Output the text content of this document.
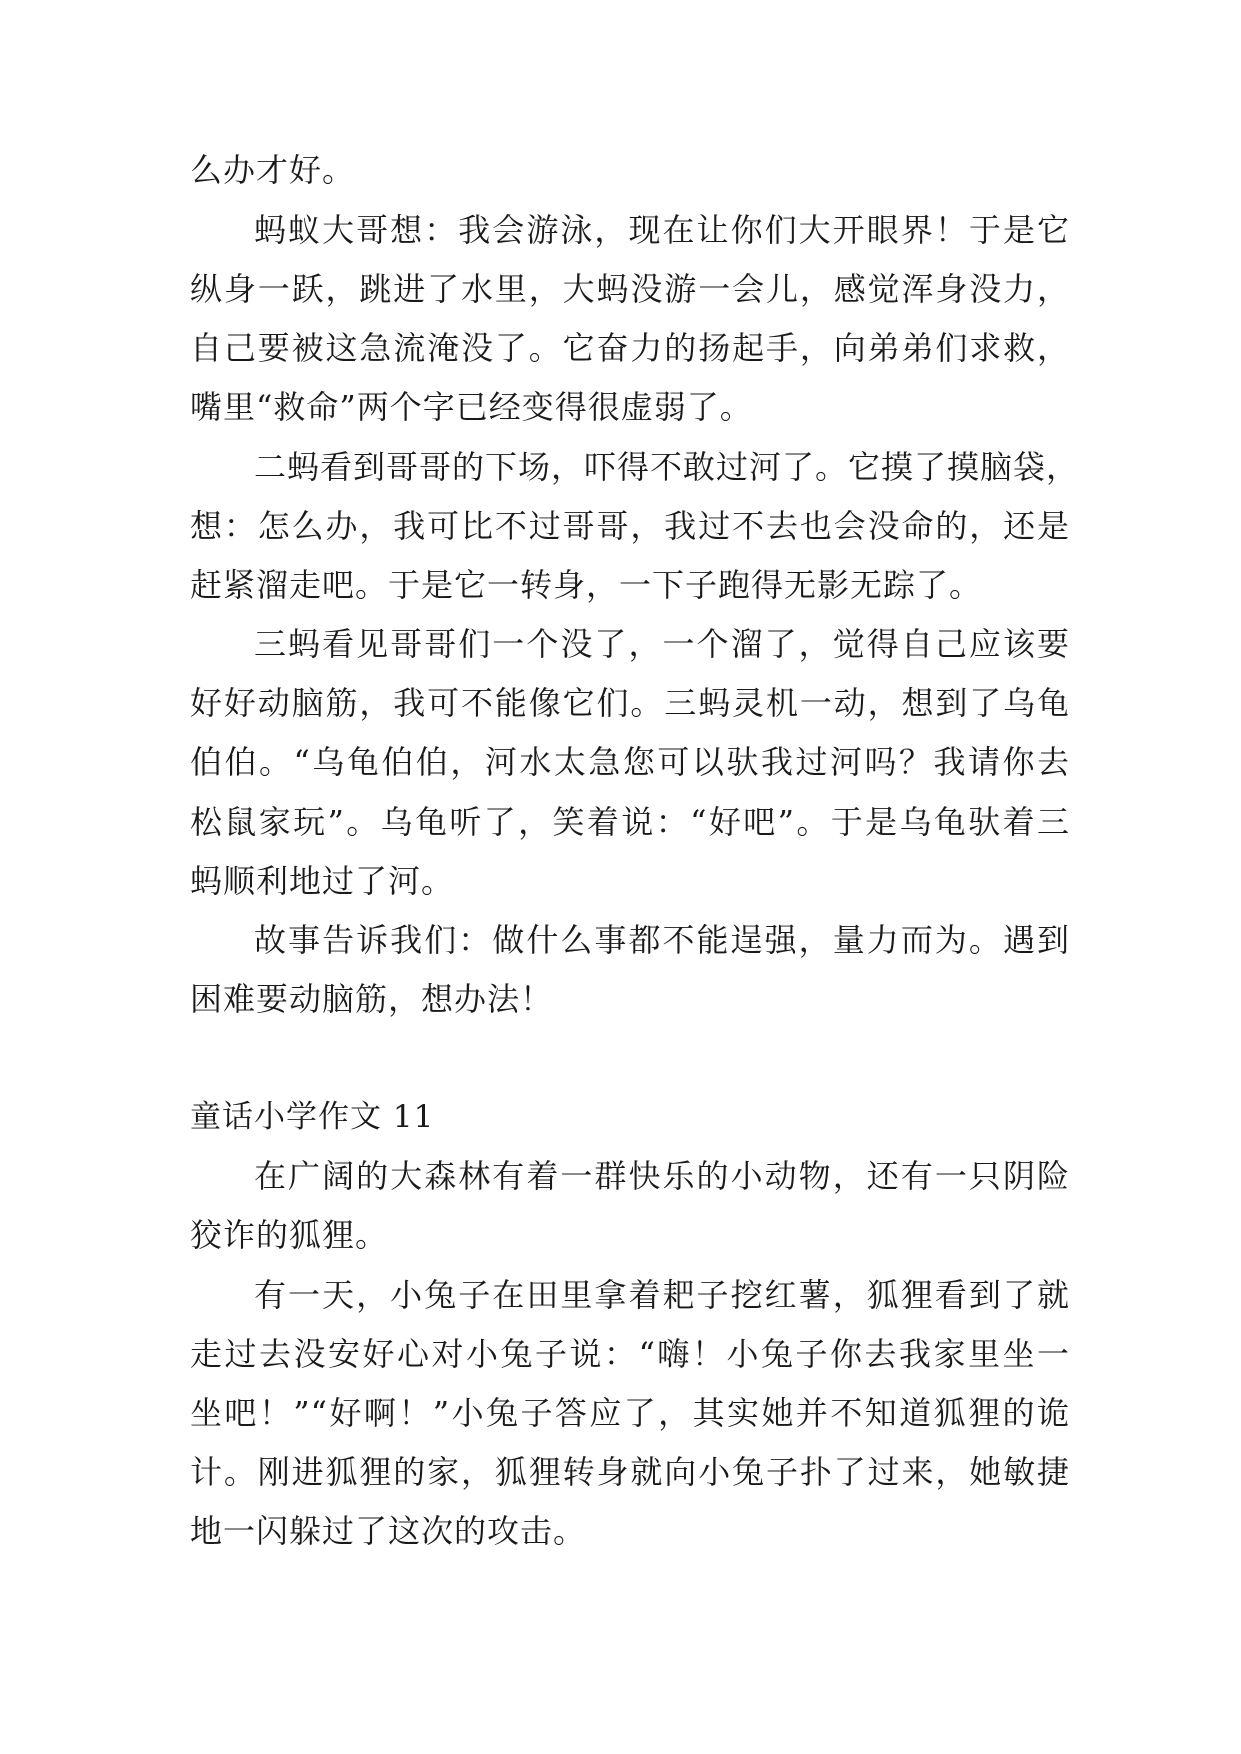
么办才好。
蚂蚁大哥想：我会游泳，现在让你们大开眼界！于是它
纵身一跃，跳进了水里，大蚂没游一会儿，感觉浑身没力，
自己要被这急流淹没了。它奋力的扬起手，向弟弟们求救，
嘴里“救命”两个字已经变得很虚弱了。
二蚂看到哥哥的下场，吓得不敢过河了。它摸了摸脑袋，
想：怎么办，我可比不过哥哥，我过不去也会没命的，还是
赶紧溜走吧。于是它一转身，一下子跑得无影无踪了。
三蚂看见哥哥们一个没了，一个溜了，觉得自己应该要
好好动脑筋，我可不能像它们。三蚂灵机一动，想到了乌龟
伯伯。“乌龟伯伯，河水太急您可以驮我过河吗？我请你去
松鼠家玩”。乌龟听了，笑着说：“好吧”。于是乌龟驮着三
蚂顺利地过了河。
故事告诉我们：做什么事都不能逞强，量力而为。遇到
困难要动脑筋，想办法！
童话小学作文 11
在广阔的大森林有着一群快乐的小动物，还有一只阴险
狡诈的狐狸。
有一天，小兔子在田里拿着耙子挖红薯，狐狸看到了就
走过去没安好心对小兔子说：“嗨！小兔子你去我家里坐一
坐吧！”“好啊！”小兔子答应了，其实她并不知道狐狸的诡
计。刚进狐狸的家，狐狸转身就向小兔子扑了过来，她敏捷
地一闪躲过了这次的攻击。
